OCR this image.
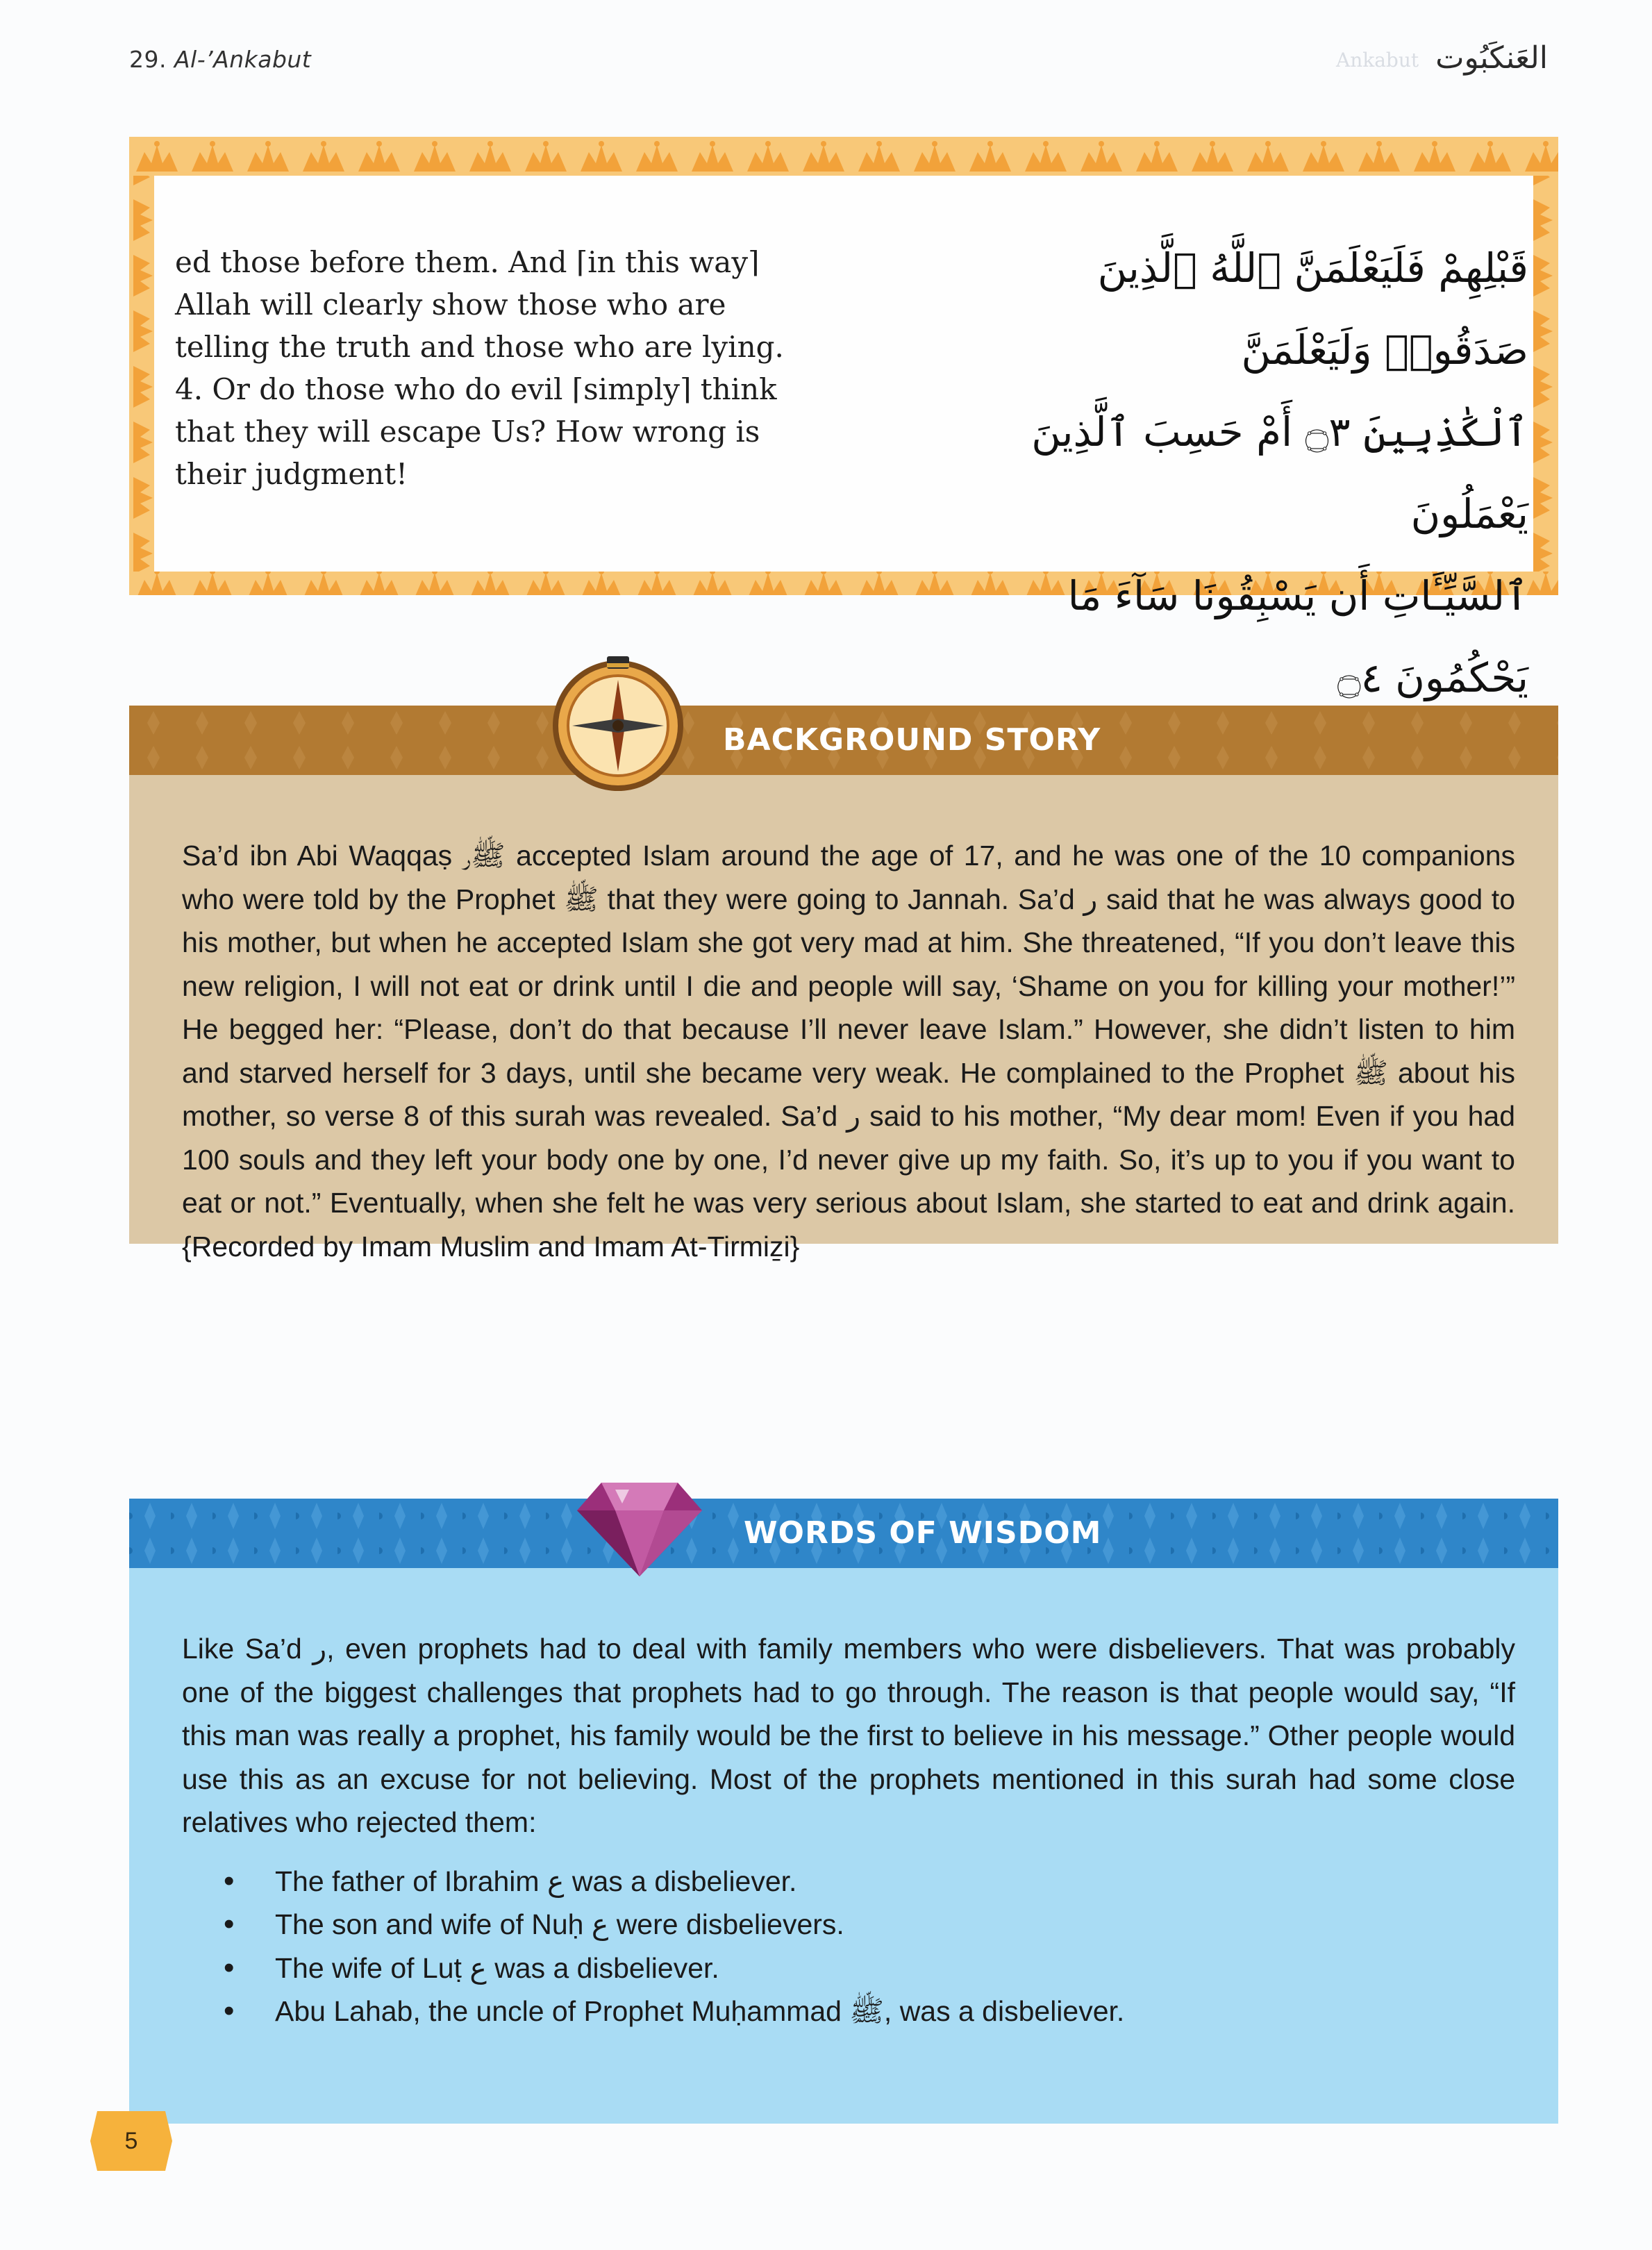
29. Al-’Ankabut	Ankabut العَنكَبُوت

ed those before them. And ⌈in this way⌉

Allah will clearly show those who are

telling the truth and those who are lying.

4. Or do those who do evil ⌈simply⌉ think

that they will escape Us? How wrong is

their judgment!

قَبْلِهِمْ فَلَيَعْلَمَنَّ ٱللَّهُ ٱلَّذِينَ صَدَقُوا۟ وَلَيَعْلَمَنَّ

ٱلْكَٰذِبِينَ ۝٣ أَمْ حَسِبَ ٱلَّذِينَ يَعْمَلُونَ

ٱلسَّيِّـَٔاتِ أَن يَسْبِقُونَا سَآءَ مَا يَحْكُمُونَ ۝٤

BACKGROUND STORY

Sa’d ibn Abi Waqqaṣ ﷺر accepted Islam around the age of 17, and he was one of the 10 companions who were told by the Prophet ﷺ that they were going to Jannah. Sa’d ر said that he was always good to his mother, but when he accepted Islam she got very mad at him. She threatened, “If you don’t leave this new religion, I will not eat or drink until I die and people will say, ‘Shame on you for killing your mother!’” He begged her: “Please, don’t do that because I’ll never leave Islam.” However, she didn’t listen to him and starved herself for 3 days, until she became very weak. He complained to the Prophet ﷺ about his mother, so verse 8 of this surah was revealed. Sa’d ر said to his mother, “My dear mom! Even if you had 100 souls and they left your body one by one, I’d never give up my faith. So, it’s up to you if you want to eat or not.” Eventually, when she felt he was very serious about Islam, she started to eat and drink again. {Recorded by Imam Muslim and Imam At-Tirmiẕi}

WORDS OF WISDOM

Like Sa’d ر, even prophets had to deal with family members who were disbelievers. That was probably one of the biggest challenges that prophets had to go through. The reason is that people would say, “If this man was really a prophet, his family would be the first to believe in his message.” Other people would use this as an excuse for not believing. Most of the prophets mentioned in this surah had some close relatives who rejected them:

• The father of Ibrahim ع was a disbeliever.
• The son and wife of Nuḥ ع were disbelievers.
• The wife of Luṭ ع was a disbeliever.
• Abu Lahab, the uncle of Prophet Muḥammad ﷺ, was a disbeliever.
5
